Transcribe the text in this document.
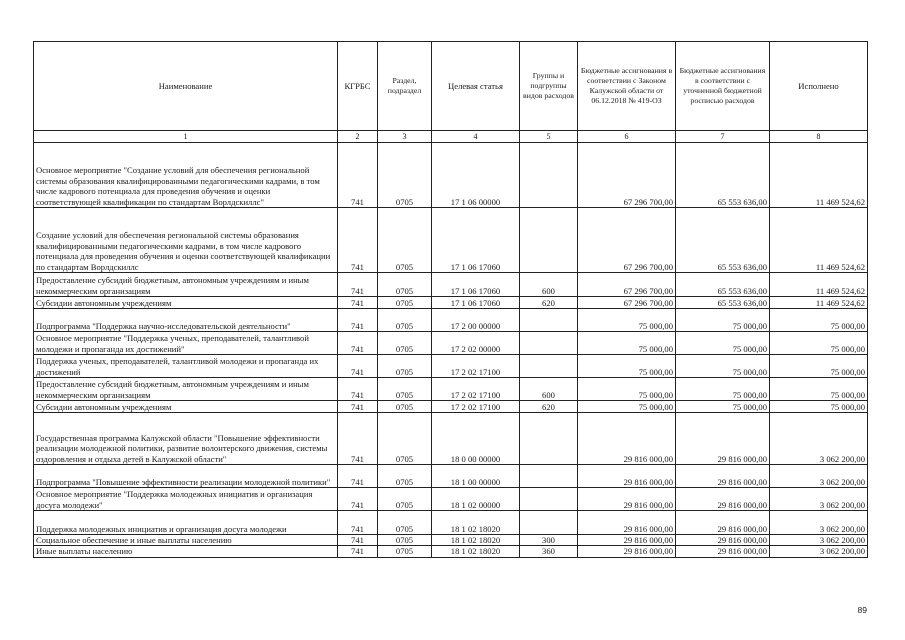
Наименование	КГРБС	Раздел, подраздел	Целевая статья	Группы и подгруппы видов расходов	Бюджетные ассигнования в соответствии с Законом Калужской области от 06.12.2018 № 419-ОЗ	Бюджетные ассигнования в соответствии с уточненной бюджетной росписью расходов	Исполнено
1	2	3	4	5	6	7	8
Основное мероприятие "Создание условий для обеспечения региональной системы образования квалифицированными педагогическими кадрами, в том числе кадрового потенциала для проведения обучения и оценки соответствующей квалификации по стандартам Ворлдскиллс"	741	0705	17 1 06 00000		67 296 700,00	65 553 636,00	11 469 524,62
Создание условий для обеспечения региональной системы образования квалифицированными педагогическими кадрами, в том числе кадрового потенциала для проведения обучения и оценки соответствующей квалификации по стандартам Ворлдскиллс	741	0705	17 1 06 17060		67 296 700,00	65 553 636,00	11 469 524,62
Предоставление субсидий бюджетным, автономным учреждениям и иным некоммерческим организациям	741	0705	17 1 06 17060	600	67 296 700,00	65 553 636,00	11 469 524,62
Субсидии автономным учреждениям	741	0705	17 1 06 17060	620	67 296 700,00	65 553 636,00	11 469 524,62
Подпрограмма "Поддержка научно-исследовательской деятельности"	741	0705	17 2 00 00000		75 000,00	75 000,00	75 000,00
Основное мероприятие "Поддержка ученых, преподавателей, талантливой молодежи и пропаганда их достижений"	741	0705	17 2 02 00000		75 000,00	75 000,00	75 000,00
Поддержка ученых, преподавателей, талантливой молодежи и пропаганда их достижений	741	0705	17 2 02 17100		75 000,00	75 000,00	75 000,00
Предоставление субсидий бюджетным, автономным учреждениям и иным некоммерческим организациям	741	0705	17 2 02 17100	600	75 000,00	75 000,00	75 000,00
Субсидии автономным учреждениям	741	0705	17 2 02 17100	620	75 000,00	75 000,00	75 000,00
Государственная программа Калужской области "Повышение эффективности реализации молодежной политики, развитие волонтерского движения, системы оздоровления и отдыха детей в Калужской области"	741	0705	18 0 00 00000		29 816 000,00	29 816 000,00	3 062 200,00
Подпрограмма "Повышение эффективности реализации молодежной политики"	741	0705	18 1 00 00000		29 816 000,00	29 816 000,00	3 062 200,00
Основное мероприятие "Поддержка молодежных инициатив и организация досуга молодежи"	741	0705	18 1 02 00000		29 816 000,00	29 816 000,00	3 062 200,00
Поддержка молодежных инициатив и организация досуга молодежи	741	0705	18 1 02 18020		29 816 000,00	29 816 000,00	3 062 200,00
Социальное обеспечение и иные выплаты населению	741	0705	18 1 02 18020	300	29 816 000,00	29 816 000,00	3 062 200,00
Иные выплаты населению	741	0705	18 1 02 18020	360	29 816 000,00	29 816 000,00	3 062 200,00
89
